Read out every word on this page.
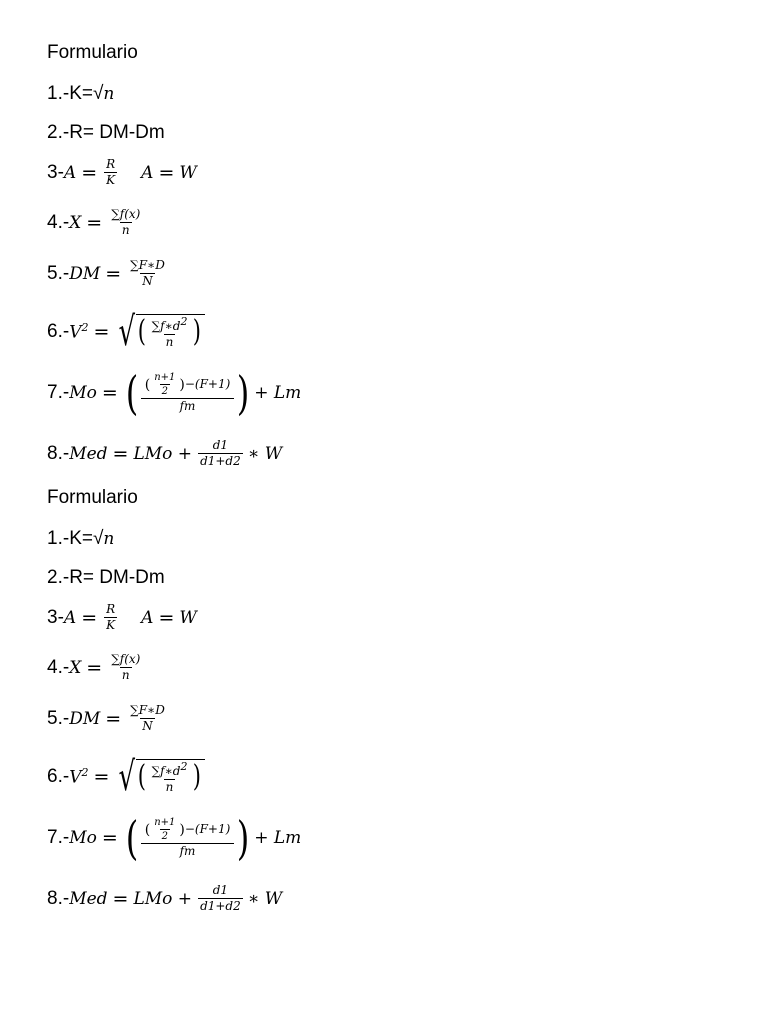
Formulario
1.- K=√ n
2.- R= DM-Dm
3- $A = \frac{R}{K}$ A = W
4.- $X = \frac{\sum f(x)}{n}$
5.- DM = $\frac{\sum F∗D}{N}$
6.- $V^2$ = √ ( $\frac{\sum f∗d^2}{n}$ )
7.- Mo = ( ( $\frac{n+1}{2}$ ) −(F+1)
fm ) + Lm
8.- Med = LMo + $\frac{d1}{d1+d2}$ ∗ W
Formulario
1.- K=√ n
2.- R= DM-Dm
3- $A = \frac{R}{K}$ A = W
4.- $X = \frac{\sum f(x)}{n}$
5.- DM = $\frac{\sum F∗D}{N}$
6.- $V^2$ = √ ( $\frac{\sum f∗d^2}{n}$ )
7.- Mo = ( ( $\frac{n+1}{2}$ ) −(F+1)
fm ) + Lm
8.- Med = LMo + $\frac{d1}{d1+d2}$ ∗ W
